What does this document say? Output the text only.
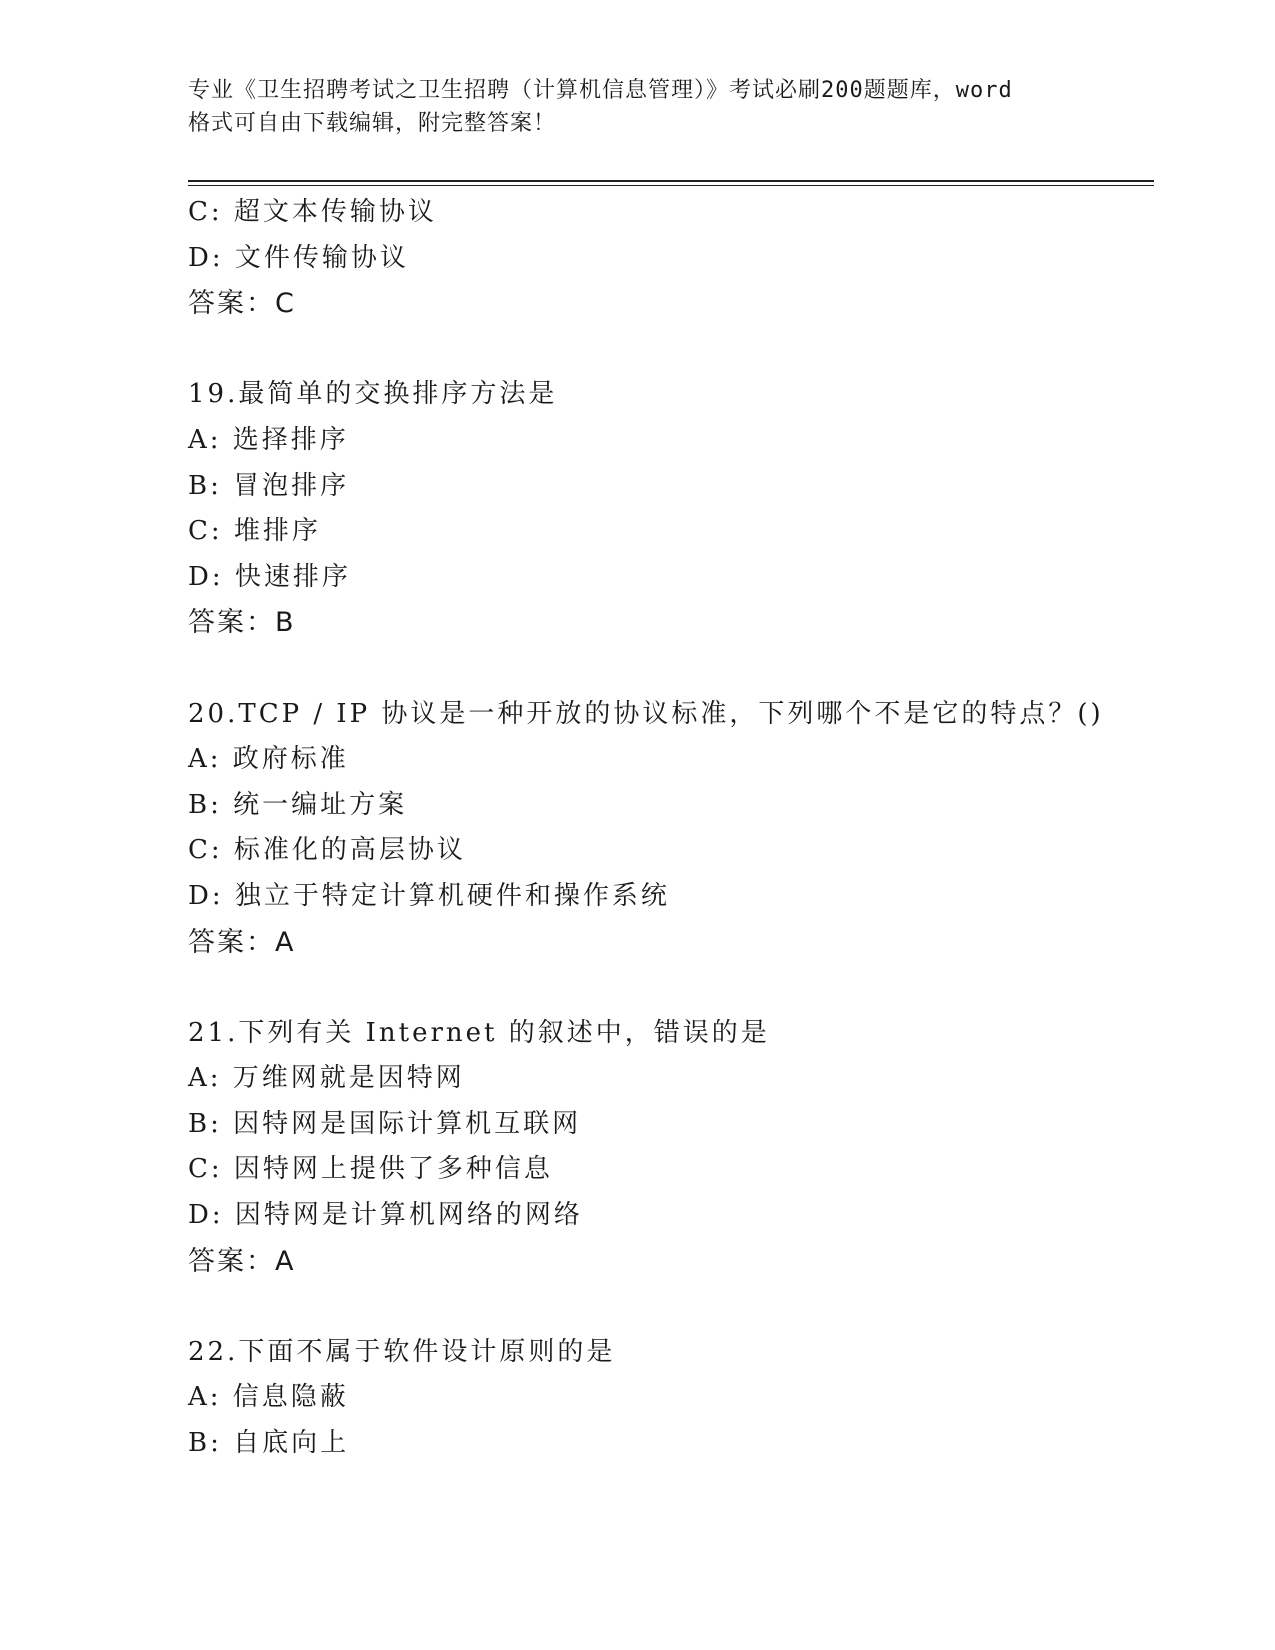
专业《卫生招聘考试之卫生招聘（计算机信息管理）》考试必刷200题题库，word
格式可自由下载编辑，附完整答案！
C: 超文本传输协议
D: 文件传输协议
答案：C
19.最简单的交换排序方法是
A: 选择排序
B: 冒泡排序
C: 堆排序
D: 快速排序
答案：B
20.TCP / IP 协议是一种开放的协议标准，下列哪个不是它的特点？()
A: 政府标准
B: 统一编址方案
C: 标准化的高层协议
D: 独立于特定计算机硬件和操作系统
答案：A
21.下列有关 Internet 的叙述中，错误的是
A: 万维网就是因特网
B: 因特网是国际计算机互联网
C: 因特网上提供了多种信息
D: 因特网是计算机网络的网络
答案：A
22.下面不属于软件设计原则的是
A: 信息隐蔽
B: 自底向上
